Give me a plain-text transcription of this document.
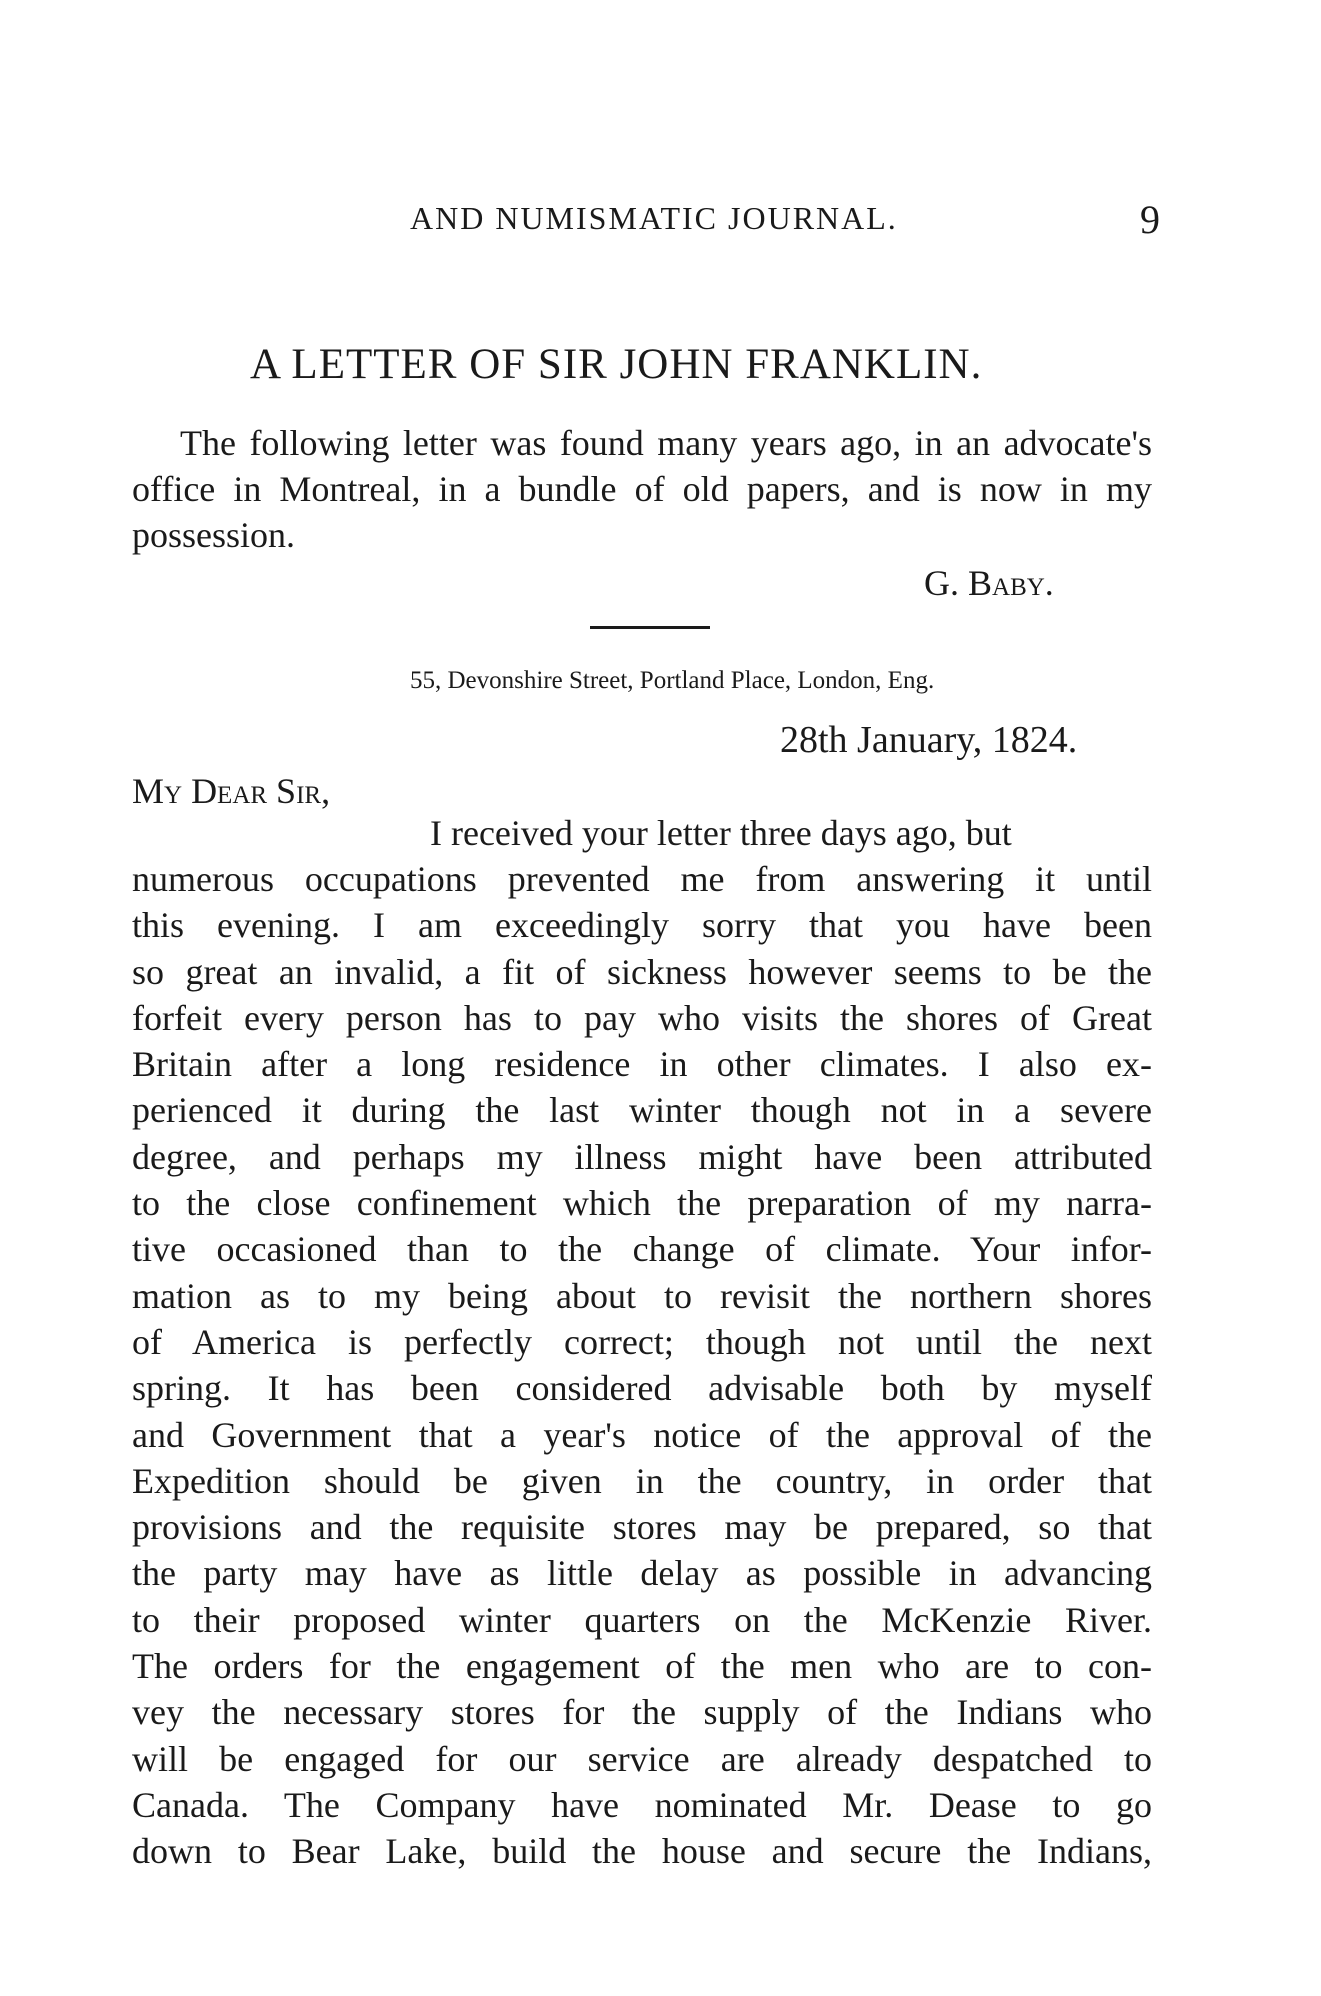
AND NUMISMATIC JOURNAL.	9
A LETTER OF SIR JOHN FRANKLIN.

The following letter was found many years ago, in an advocate's office in Montreal, in a bundle of old papers, and is now in my possession.

G. Baby.
55, Devonshire Street, Portland Place, London, Eng.
28th January, 1824.
My Dear Sir,

I received your letter three days ago, but

numerous occupations prevented me from answering it until
this evening. I am exceedingly sorry that you have been
so great an invalid, a fit of sickness however seems to be the
forfeit every person has to pay who visits the shores of Great
Britain after a long residence in other climates. I also ex-
perienced it during the last winter though not in a severe
degree, and perhaps my illness might have been attributed
to the close confinement which the preparation of my narra-
tive occasioned than to the change of climate. Your infor-
mation as to my being about to revisit the northern shores
of America is perfectly correct; though not until the next
spring. It has been considered advisable both by myself
and Government that a year's notice of the approval of the
Expedition should be given in the country, in order that
provisions and the requisite stores may be prepared, so that
the party may have as little delay as possible in advancing
to their proposed winter quarters on the McKenzie River.
The orders for the engagement of the men who are to con-
vey the necessary stores for the supply of the Indians who
will be engaged for our service are already despatched to
Canada. The Company have nominated Mr. Dease to go
down to Bear Lake, build the house and secure the Indians,
